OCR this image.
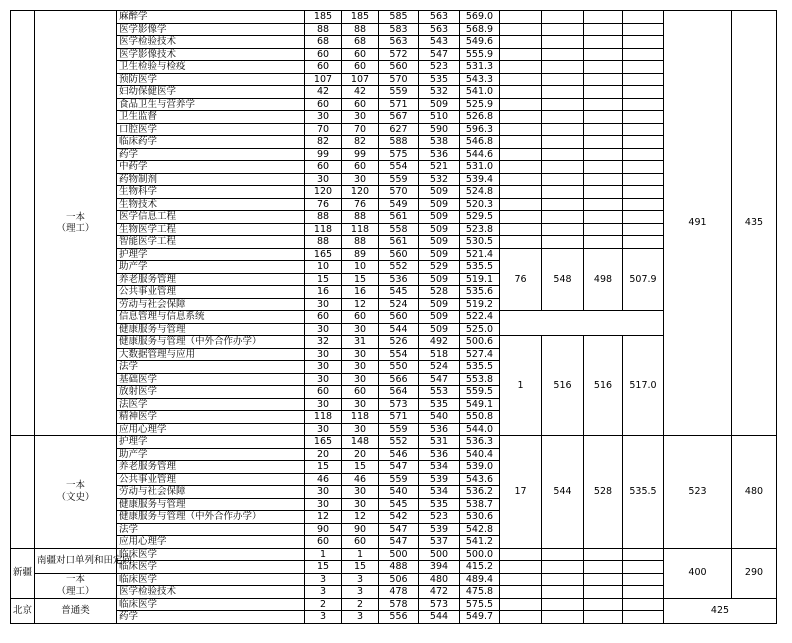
	一本
（理工）	麻醉学	185	185	585	563	569.0					491	435	
		医学影像学	88	88	583	563	568.9							
		医学检验技术	68	68	563	543	549.6							
		医学影像技术	60	60	572	547	555.9							
		卫生检验与检疫	60	60	560	523	531.3							
		预防医学	107	107	570	535	543.3							
		妇幼保健医学	42	42	559	532	541.0							
		食品卫生与营养学	60	60	571	509	525.9							
		卫生监督	30	30	567	510	526.8							
		口腔医学	70	70	627	590	596.3							
		临床药学	82	82	588	538	546.8							
		药学	99	99	575	536	544.6							
		中药学	60	60	554	521	531.0							
		药物制剂	30	30	559	532	539.4							
		生物科学	120	120	570	509	524.8							
		生物技术	76	76	549	509	520.3							
		医学信息工程	88	88	561	509	529.5							
		生物医学工程	118	118	558	509	523.8							
		智能医学工程	88	88	561	509	530.5							
		护理学	165	89	560	509	521.4	76	548	498	507.9			
		助产学	10	10	552	529	535.5							
		养老服务管理	15	15	536	509	519.1							
		公共事业管理	16	16	545	528	535.6							
		劳动与社会保障	30	12	524	509	519.2				
		信息管理与信息系统	60	60	560	509	522.4							
		健康服务与管理	30	30	544	509	525.0							
		健康服务与管理（中外合作办学）	32	31	526	492	500.6	1	516	516	517.0			
		大数据管理与应用	30	30	554	518	527.4							
		法学	30	30	550	524	535.5							
		基础医学	30	30	566	547	553.8							
		放射医学	60	60	564	553	559.5							
		法医学	30	30	573	535	549.1							
		精神医学	118	118	571	540	550.8							
		应用心理学	30	30	559	536	544.0							
	一本
（文史）	护理学	165	148	552	531	536.3	17	544	528	535.5	523	480	
		助产学	20	20	546	536	540.4							
		养老服务管理	15	15	547	534	539.0							
		公共事业管理	46	46	559	539	543.6							
		劳动与社会保障	30	30	540	534	536.2							
		健康服务与管理	30	30	545	535	538.7							
		健康服务与管理（中外合作办学）	12	12	542	523	530.6							
		法学	90	90	547	539	542.8							
		应用心理学	60	60	547	537	541.2							
新疆	南疆对口单列和田定向	临床医学	1	1	500	500	500.0					400	290	
		临床医学	15	15	488	394	415.2							
	一本
（理工）	临床医学	3	3	506	480	489.4							
		医学检验技术	3	3	478	472	475.8							
北京	普通类	临床医学	2	2	578	573	575.5					425		
		药学	3	3	556	544	549.7							
